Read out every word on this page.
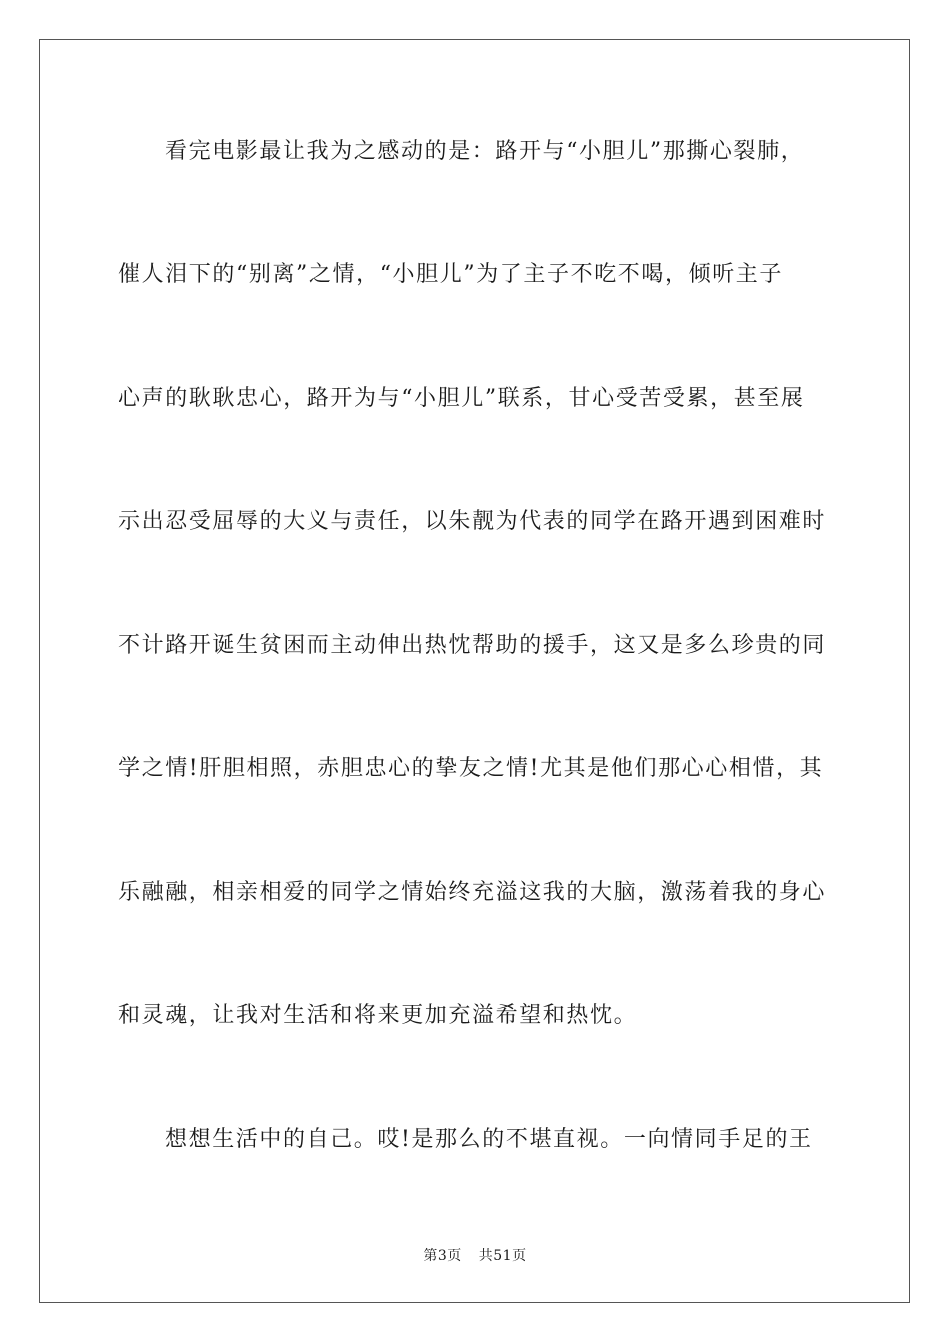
看完电影最让我为之感动的是：路开与“小胆儿”那撕心裂肺，
催人泪下的“别离”之情，“小胆儿”为了主子不吃不喝，倾听主子
心声的耿耿忠心，路开为与“小胆儿”联系，甘心受苦受累，甚至展
示出忍受屈辱的大义与责任，以朱靓为代表的同学在路开遇到困难时
不计路开诞生贫困而主动伸出热忱帮助的援手，这又是多么珍贵的同
学之情!肝胆相照，赤胆忠心的挚友之情!尤其是他们那心心相惜，其
乐融融，相亲相爱的同学之情始终充溢这我的大脑，激荡着我的身心
和灵魂，让我对生活和将来更加充溢希望和热忱。
想想生活中的自己。哎!是那么的不堪直视。一向情同手足的王
第3页 共51页
